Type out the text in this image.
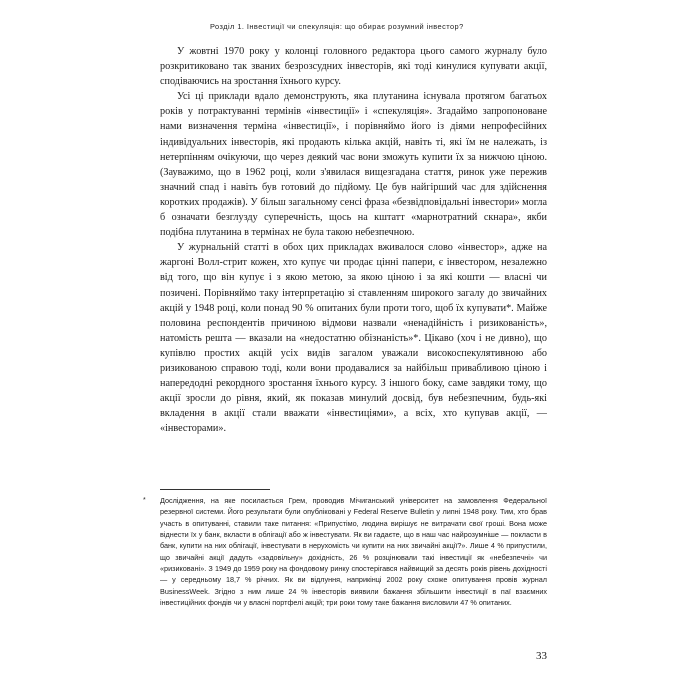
Розділ 1. Інвестиції чи спекуляція: що обирає розумний інвестор?

У жовтні 1970 року у колонці головного редактора цього самого журналу було розкритиковано так званих безрозсудних інвесторів, які тоді кинулися купувати акції, сподіваючись на зростання їхнього курсу.

Усі ці приклади вдало демонструють, яка плутанина існувала протягом багатьох років у потрактуванні термінів «інвестиції» і «спекуляція». Згадаймо запропоноване нами визначення терміна «інвестиції», і порівняймо його із діями непрофесійних індивідуальних інвесторів, які продають кілька акцій, навіть ті, які їм не належать, із нетерпінням очікуючи, що через деякий час вони зможуть купити їх за нижчою ціною. (Зауважимо, що в 1962 році, коли з'явилася вищезгадана стаття, ринок уже пережив значний спад і навіть був готовий до підйому. Це був найгірший час для здійснення коротких продажів). У більш загальному сенсі фраза «безвідповідальні інвестори» могла б означати безглузду суперечність, щось на кштатт «марнотратний скнара», якби подібна плутанина в термінах не була такою небезпечною.

У журнальній статті в обох цих прикладах вживалося слово «інвестор», адже на жаргоні Волл-стрит кожен, хто купує чи продає цінні папери, є інвестором, незалежно від того, що він купує і з якою метою, за якою ціною і за які кошти — власні чи позичені. Порівняймо таку інтерпретацію зі ставленням широкого загалу до звичайних акцій у 1948 році, коли понад 90 % опитаних були проти того, щоб їх купувати*. Майже половина респондентів причиною відмови назвали «ненадійність і ризикованість», натомість решта — вказали на «недостатню обізнаність»*. Цікаво (хоч і не дивно), що купівлю простих акцій усіх видів загалом уважали високоспекулятивною або ризикованою справою тоді, коли вони продавалися за найбільш привабливою ціною і напередодні рекордного зростання їхнього курсу. З іншого боку, саме завдяки тому, що акції зросли до рівня, який, як показав минулий досвід, був небезпечним, будь-які вкладення в акції стали вважати «інвестиціями», а всіх, хто купував акції, — «інвесторами».

* Дослідження, на яке посилається Грем, проводив Мічиганський університет на замовлення Федеральної резервної системи. Його результати були опубліковані у Federal Reserve Bulletin у липні 1948 року. Тим, хто брав участь в опитуванні, ставили таке питання: «Припустімо, людина вирішує не витрачати свої гроші. Вона може віднести їх у банк, вкласти в облігації або ж інвестувати. Як ви гадаєте, що в наш час найрозумніше — покласти в банк, купити на них облігації, інвестувати в нерухомість чи купити на них звичайні акції?». Лише 4 % припустили, що звичайні акції дадуть «задовільну» дохідність, 26 % розцінювали такі інвестиції як «небезпечні» чи «ризиковані». З 1949 до 1959 року на фондовому ринку спостерігався найвищий за десять років рівень дохідності — у середньому 18,7 % річних. Як ви відлуння, наприкінці 2002 року схоже опитування провів журнал BusinessWeek. Згідно з ним лише 24 % інвесторів виявили бажання збільшити інвестиції в паї взаємних інвестиційних фондів чи у власні портфелі акцій; три роки тому таке бажання висловили 47 % опитаних.

33
